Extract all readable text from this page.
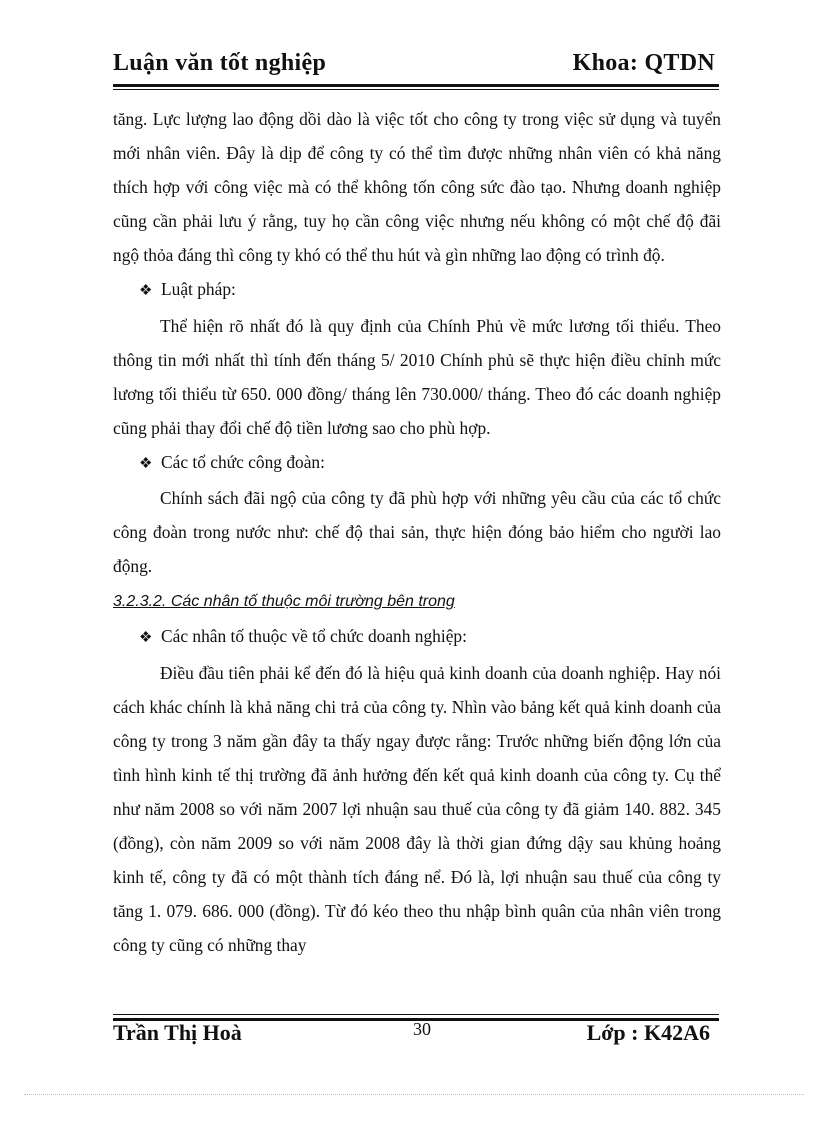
Luận văn tốt nghiệp	Khoa: QTDN

tăng. Lực lượng lao động dồi dào là việc tốt cho công ty trong việc sử dụng và tuyển mới nhân viên. Đây là dịp để công ty có thể tìm được những nhân viên có khả năng thích hợp với công việc mà có thể không tốn công sức đào tạo. Nhưng doanh nghiệp cũng cần phải lưu ý rằng, tuy họ cần công việc nhưng nếu không có một chế độ đãi ngộ thỏa đáng thì công ty khó có thể thu hút và gìn những lao động có trình độ.

❖ Luật pháp:

Thể hiện rõ nhất đó là quy định của Chính Phủ về mức lương tối thiểu. Theo thông tin mới nhất thì tính đến tháng 5/ 2010 Chính phủ sẽ thực hiện điều chỉnh mức lương tối thiểu từ 650. 000 đồng/ tháng lên 730.000/ tháng. Theo đó các doanh nghiệp cũng phải thay đổi chế độ tiền lương sao cho phù hợp.

❖ Các tổ chức công đoàn:

Chính sách đãi ngộ của công ty đã phù hợp với những yêu cầu của các tổ chức công đoàn trong nước như: chế độ thai sản, thực hiện đóng bảo hiểm cho người lao động.

3.2.3.2. Các nhân tố thuộc môi trường bên trong

❖ Các nhân tố thuộc về tổ chức doanh nghiệp:

Điều đầu tiên phải kể đến đó là hiệu quả kinh doanh của doanh nghiệp. Hay nói cách khác chính là khả năng chi trả của công ty. Nhìn vào bảng kết quả kinh doanh của công ty trong 3 năm gần đây ta thấy ngay được rằng: Trước những biến động lớn của tình hình kinh tế thị trường đã ảnh hưởng đến kết quả kinh doanh của công ty. Cụ thể như năm 2008 so với năm 2007 lợi nhuận sau thuế của công ty đã giảm 140. 882. 345 (đồng), còn năm 2009 so với năm 2008 đây là thời gian đứng dậy sau khủng hoảng kinh tế, công ty đã có một thành tích đáng nể. Đó là, lợi nhuận sau thuế của công ty tăng 1. 079. 686. 000 (đồng). Từ đó kéo theo thu nhập bình quân của nhân viên trong công ty cũng có những thay

Trần Thị Hoà	30	Lớp : K42A6
